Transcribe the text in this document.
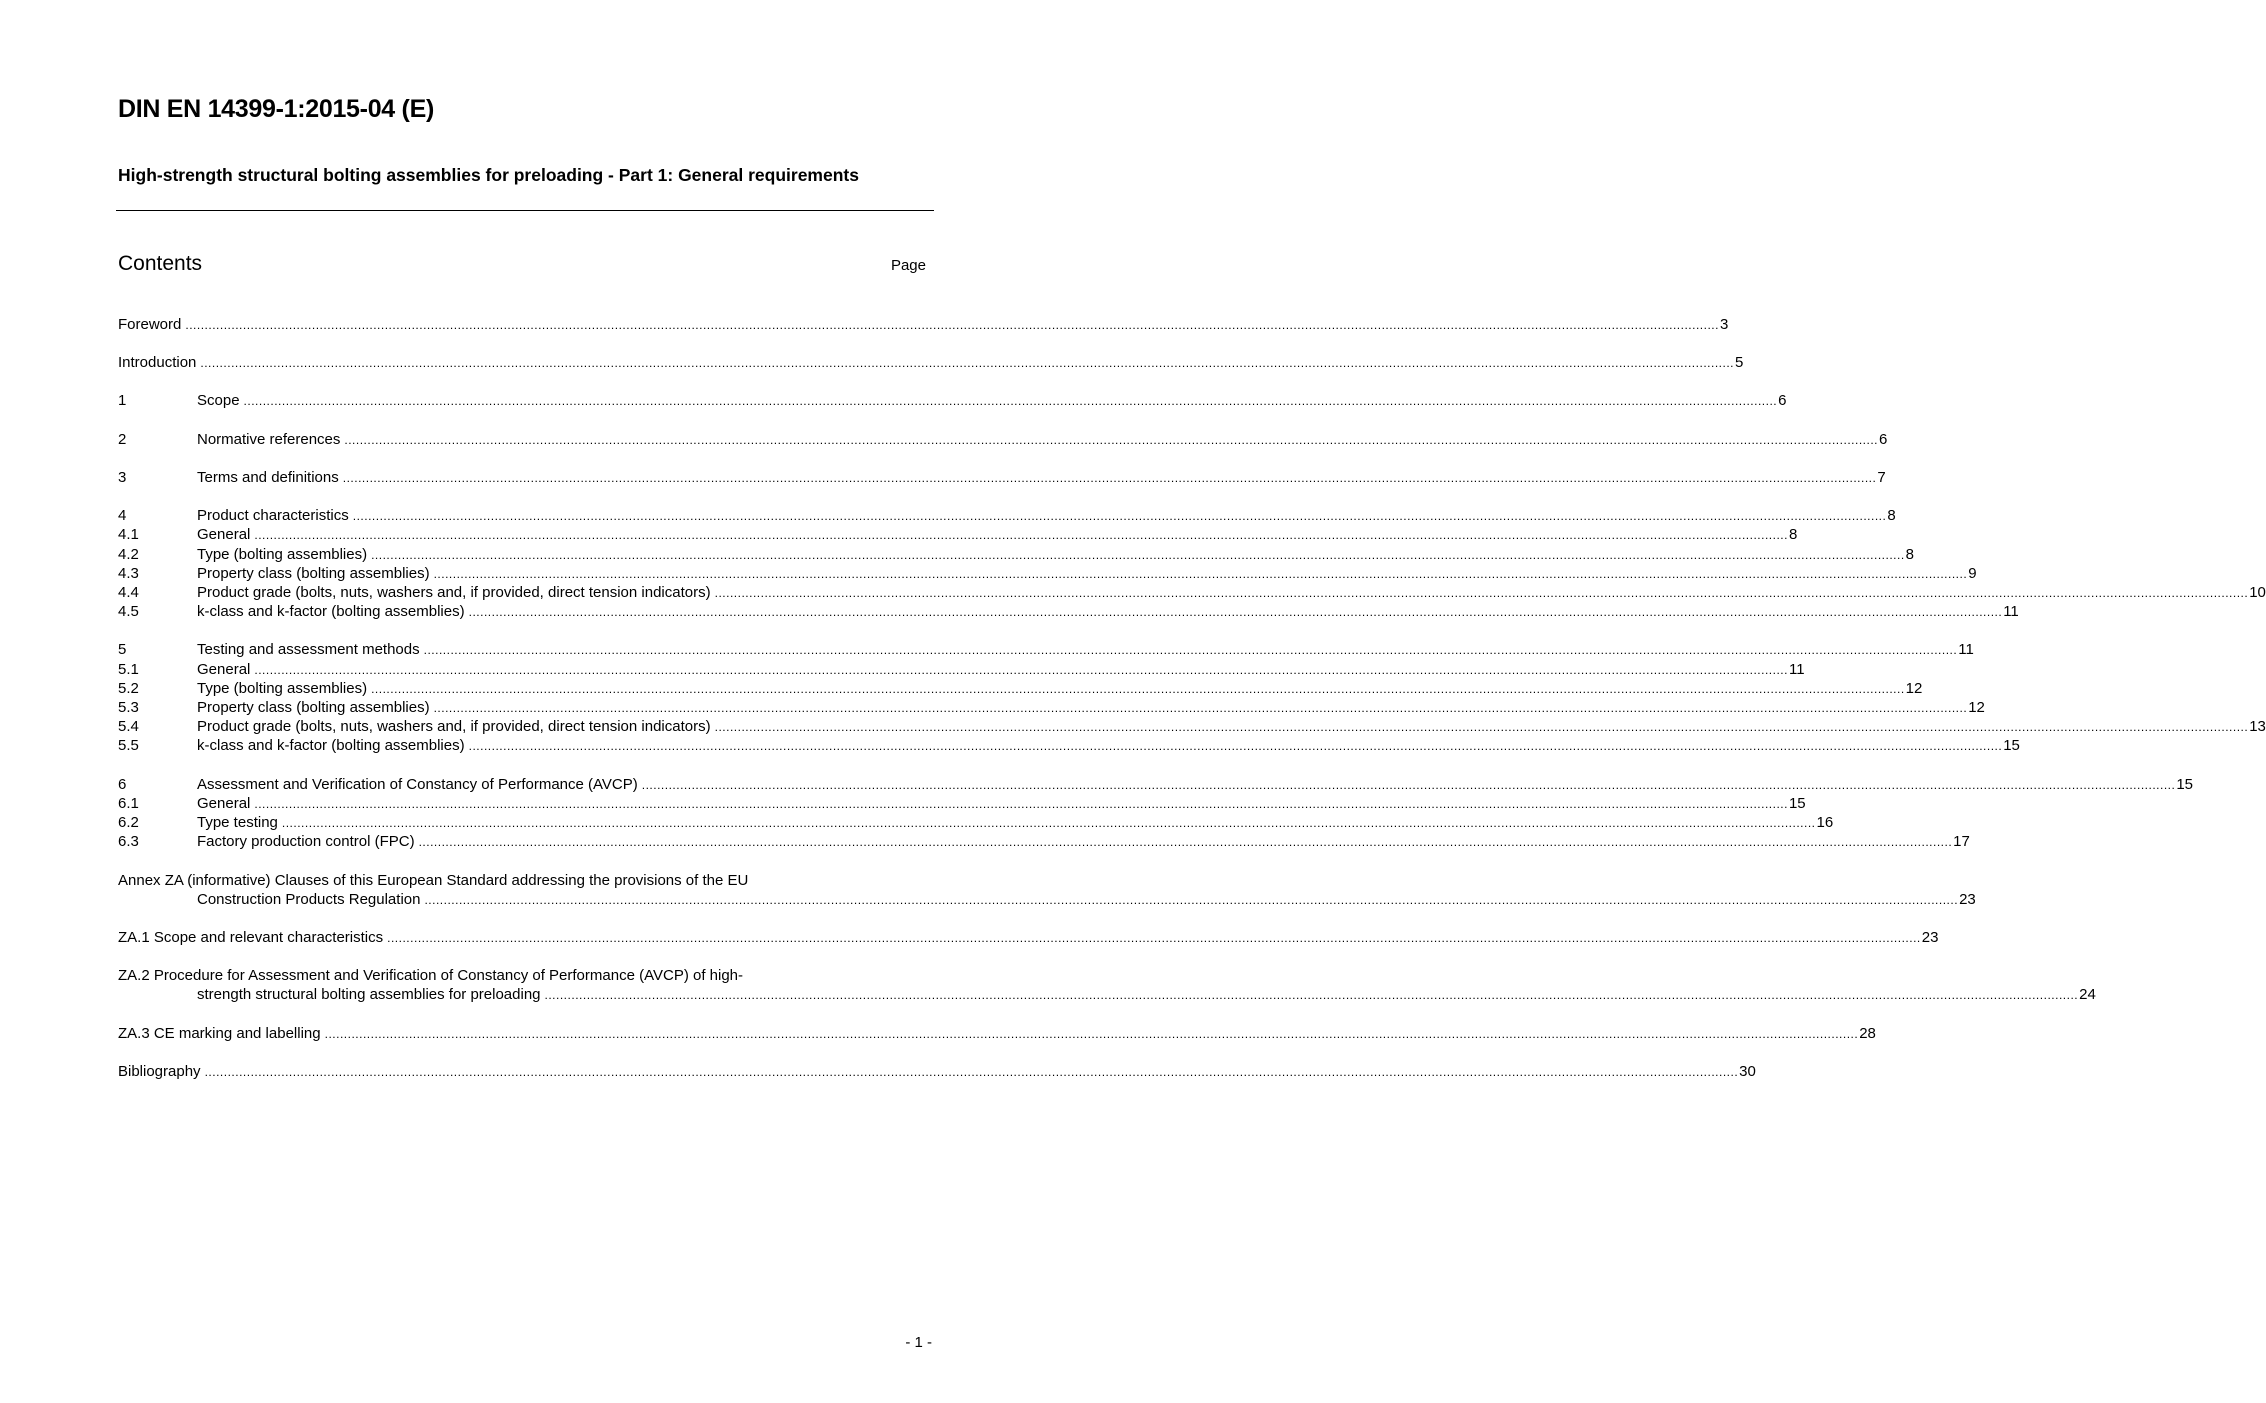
DIN EN 14399-1:2015-04 (E)
High-strength structural bolting assemblies for preloading - Part 1: General requirements
Contents	Page
Foreword ................................................................................................................................................................................................................................................................................................................................................................................................................ 3
Introduction ................................................................................................................................................................................................................................................................................................................................................................................................................ 5
1	Scope ................................................................................................................................................................................................................................................................................................................................................................................................................ 6
2	Normative references ................................................................................................................................................................................................................................................................................................................................................................................................................ 6
3	Terms and definitions ................................................................................................................................................................................................................................................................................................................................................................................................................ 7
4	Product characteristics ................................................................................................................................................................................................................................................................................................................................................................................................................ 8
4.1	General ................................................................................................................................................................................................................................................................................................................................................................................................................ 8
4.2	Type (bolting assemblies) ................................................................................................................................................................................................................................................................................................................................................................................................................ 8
4.3	Property class (bolting assemblies) ................................................................................................................................................................................................................................................................................................................................................................................................................ 9
4.4	Product grade (bolts, nuts, washers and, if provided, direct tension indicators) ................................................................................................................................................................................................................................................................................................................................................................................................................ 10
4.5	k-class and k-factor (bolting assemblies) ................................................................................................................................................................................................................................................................................................................................................................................................................ 11
5	Testing and assessment methods ................................................................................................................................................................................................................................................................................................................................................................................................................ 11
5.1	General ................................................................................................................................................................................................................................................................................................................................................................................................................ 11
5.2	Type (bolting assemblies) ................................................................................................................................................................................................................................................................................................................................................................................................................ 12
5.3	Property class (bolting assemblies) ................................................................................................................................................................................................................................................................................................................................................................................................................ 12
5.4	Product grade (bolts, nuts, washers and, if provided, direct tension indicators) ................................................................................................................................................................................................................................................................................................................................................................................................................ 13
5.5	k-class and k-factor (bolting assemblies) ................................................................................................................................................................................................................................................................................................................................................................................................................ 15
6	Assessment and Verification of Constancy of Performance (AVCP) ................................................................................................................................................................................................................................................................................................................................................................................................................ 15
6.1	General ................................................................................................................................................................................................................................................................................................................................................................................................................ 15
6.2	Type testing ................................................................................................................................................................................................................................................................................................................................................................................................................ 16
6.3	Factory production control (FPC) ................................................................................................................................................................................................................................................................................................................................................................................................................ 17
Annex ZA (informative) Clauses of this European Standard addressing the provisions of the EU
Construction Products Regulation ................................................................................................................................................................................................................................................................................................................................................................................................................ 23
ZA.1 Scope and relevant characteristics ................................................................................................................................................................................................................................................................................................................................................................................................................ 23
ZA.2 Procedure for Assessment and Verification of Constancy of Performance (AVCP) of high-
strength structural bolting assemblies for preloading ................................................................................................................................................................................................................................................................................................................................................................................................................ 24
ZA.3 CE marking and labelling ................................................................................................................................................................................................................................................................................................................................................................................................................ 28
Bibliography ................................................................................................................................................................................................................................................................................................................................................................................................................ 30
- 1 -
